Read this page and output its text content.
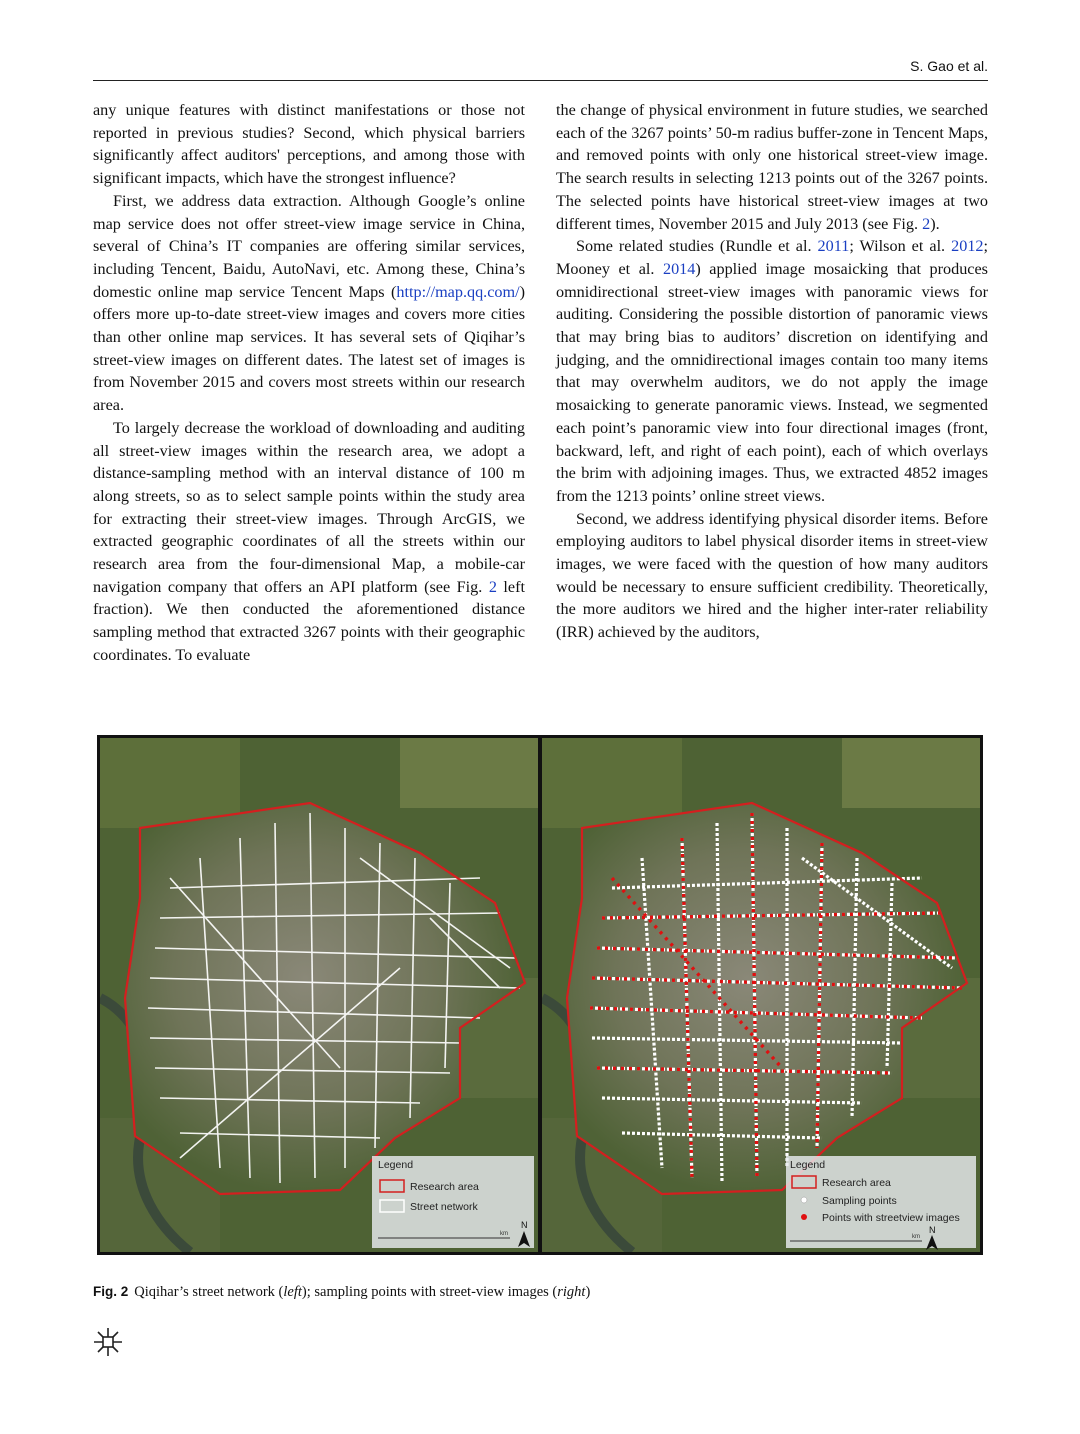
S. Gao et al.

any unique features with distinct manifestations or those not reported in previous studies? Second, which physical barriers significantly affect auditors' perceptions, and among those with significant impacts, which have the strongest influence?

First, we address data extraction. Although Google’s online map service does not offer street-view image service in China, several of China’s IT companies are offering similar services, including Tencent, Baidu, AutoNavi, etc. Among these, China’s domestic online map service Tencent Maps (http://map.qq.com/) offers more up-to-date street-view images and covers more cities than other online map services. It has several sets of Qiqihar’s street-view images on different dates. The latest set of images is from November 2015 and covers most streets within our research area.

To largely decrease the workload of downloading and auditing all street-view images within the research area, we adopt a distance-sampling method with an interval distance of 100 m along streets, so as to select sample points within the study area for extracting their street-view images. Through ArcGIS, we extracted geographic coordinates of all the streets within our research area from the four-dimensional Map, a mobile-car navigation company that offers an API platform (see Fig. 2 left fraction). We then conducted the aforementioned distance sampling method that extracted 3267 points with their geographic coordinates. To evaluate

the change of physical environment in future studies, we searched each of the 3267 points’ 50-m radius buffer-zone in Tencent Maps, and removed points with only one historical street-view image. The search results in selecting 1213 points out of the 3267 points. The selected points have historical street-view images at two different times, November 2015 and July 2013 (see Fig. 2).

Some related studies (Rundle et al. 2011; Wilson et al. 2012; Mooney et al. 2014) applied image mosaicking that produces omnidirectional street-view images with panoramic views for auditing. Considering the possible distortion of panoramic views that may bring bias to auditors’ discretion on identifying and judging, and the omnidirectional images contain too many items that may overwhelm auditors, we do not apply the image mosaicking to generate panoramic views. Instead, we segmented each point’s panoramic view into four directional images (front, backward, left, and right of each point), each of which overlays the brim with adjoining images. Thus, we extracted 4852 images from the 1213 points’ online street views.

Second, we address identifying physical disorder items. Before employing auditors to label physical disorder items in street-view images, we were faced with the question of how many auditors would be necessary to ensure sufficient credibility. Theoretically, the more auditors we hired and the higher inter-rater reliability (IRR) achieved by the auditors,

Legend
Research area
Street network
km
N
Legend
Research area
Sampling points
Points with streetview images
km
N
Fig. 2 Qiqihar’s street network (left); sampling points with street-view images (right)
